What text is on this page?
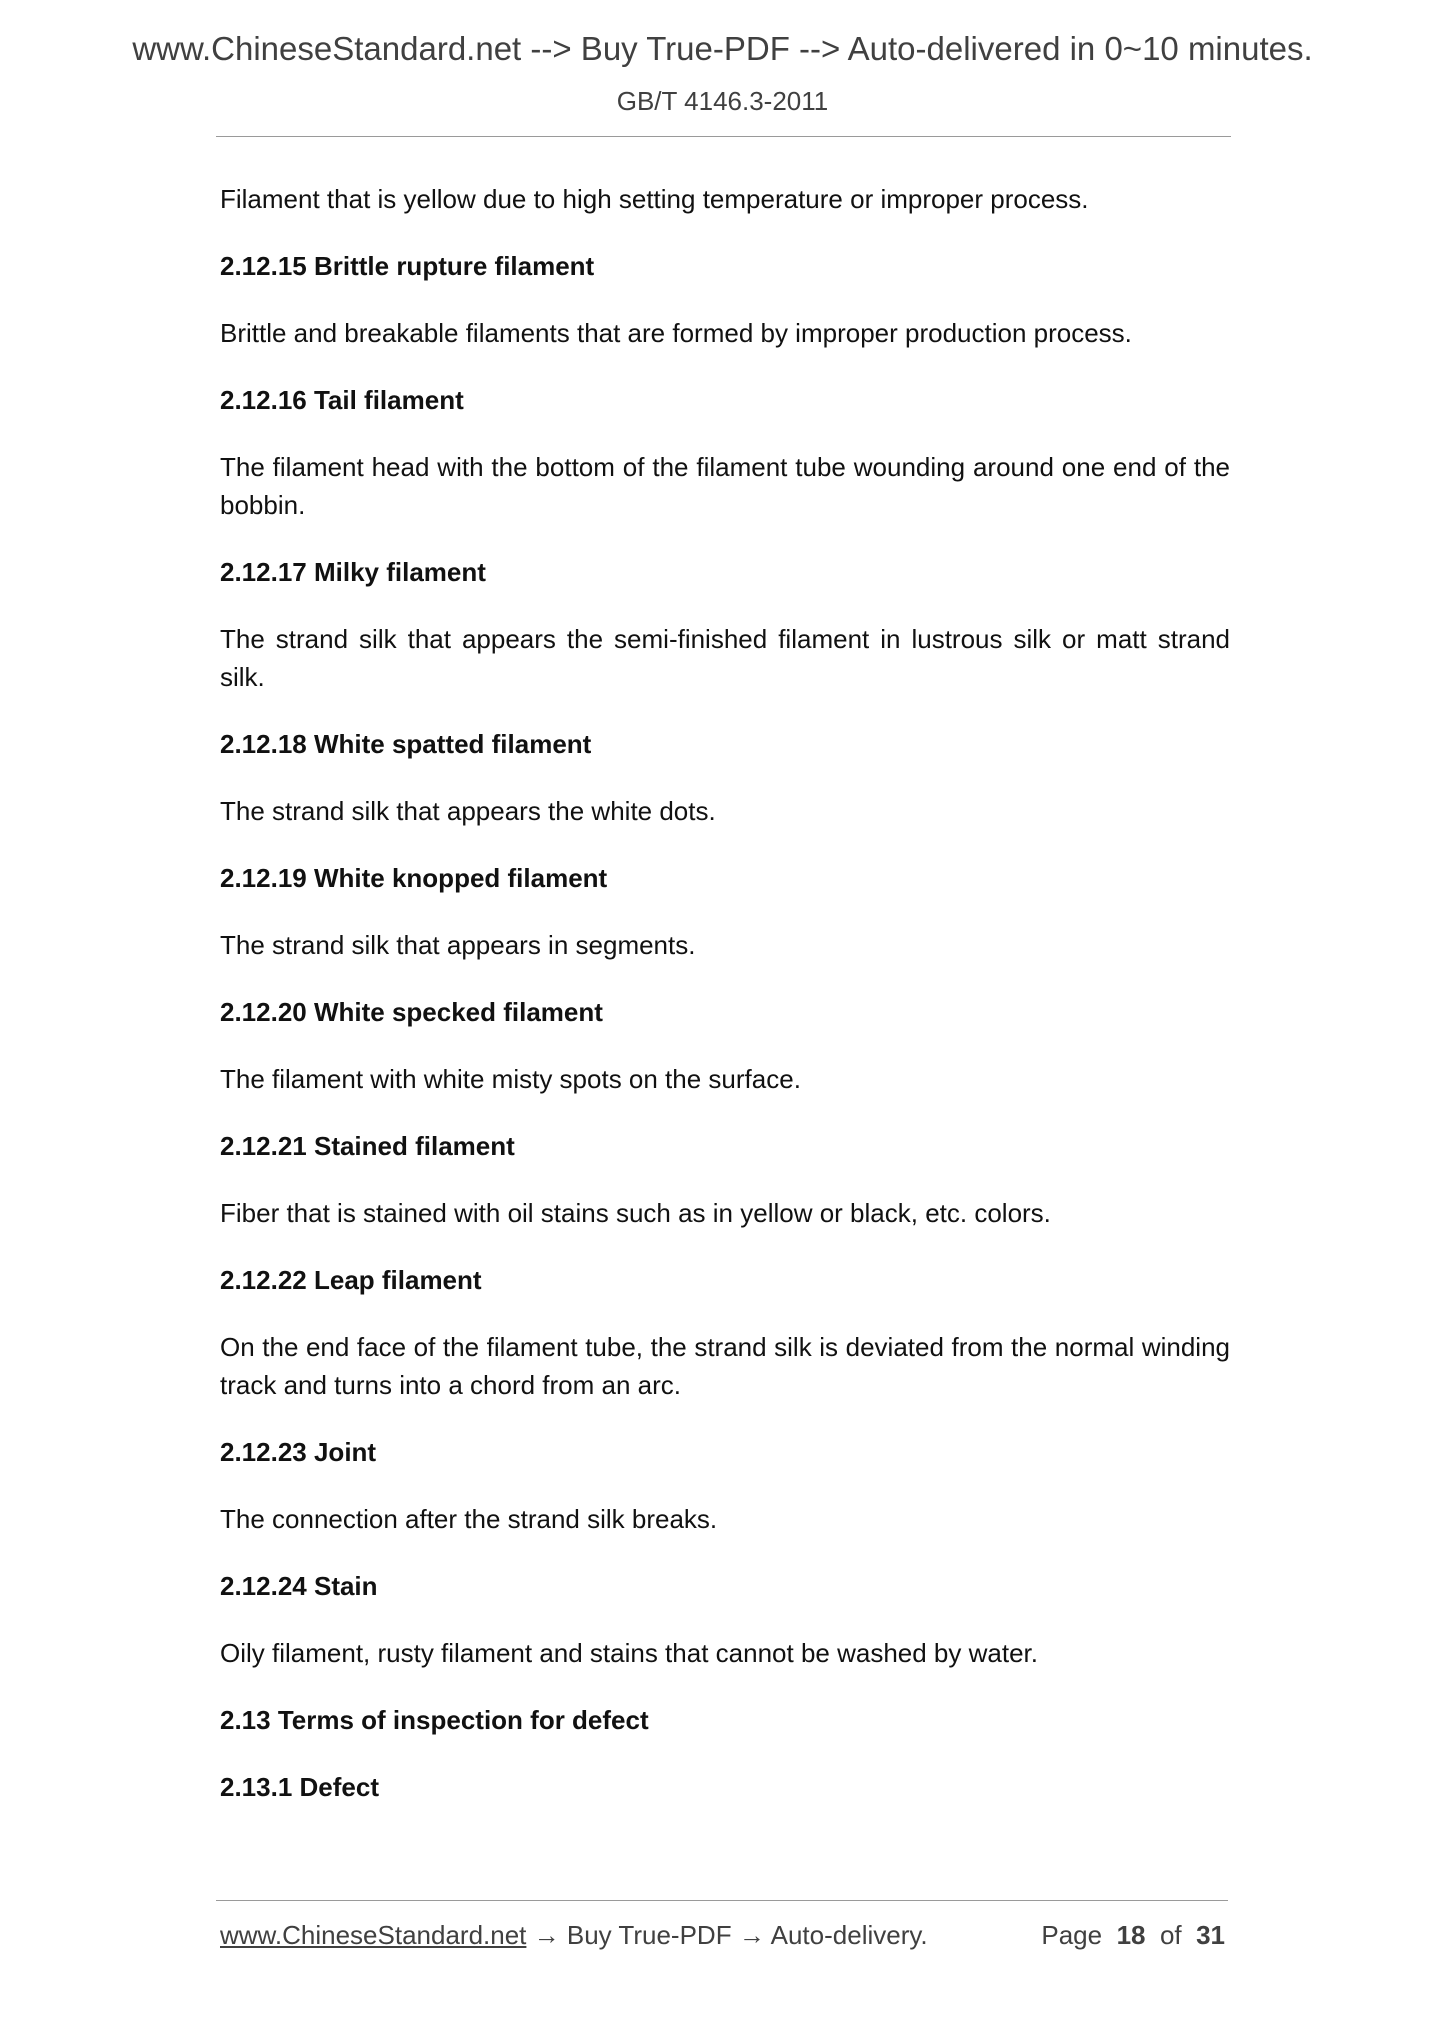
www.ChineseStandard.net --> Buy True-PDF --> Auto-delivered in 0~10 minutes.
GB/T 4146.3-2011

Filament that is yellow due to high setting temperature or improper process.

2.12.15 Brittle rupture filament

Brittle and breakable filaments that are formed by improper production process.

2.12.16 Tail filament

The filament head with the bottom of the filament tube wounding around one end of the bobbin.

2.12.17 Milky filament

The strand silk that appears the semi-finished filament in lustrous silk or matt strand silk.

2.12.18 White spatted filament

The strand silk that appears the white dots.

2.12.19 White knopped filament

The strand silk that appears in segments.

2.12.20 White specked filament

The filament with white misty spots on the surface.

2.12.21 Stained filament

Fiber that is stained with oil stains such as in yellow or black, etc. colors.

2.12.22 Leap filament

On the end face of the filament tube, the strand silk is deviated from the normal winding track and turns into a chord from an arc.

2.12.23 Joint

The connection after the strand silk breaks.

2.12.24 Stain

Oily filament, rusty filament and stains that cannot be washed by water.

2.13 Terms of inspection for defect

2.13.1 Defect

www.ChineseStandard.net → Buy True-PDF → Auto-delivery.	Page 18 of 31
